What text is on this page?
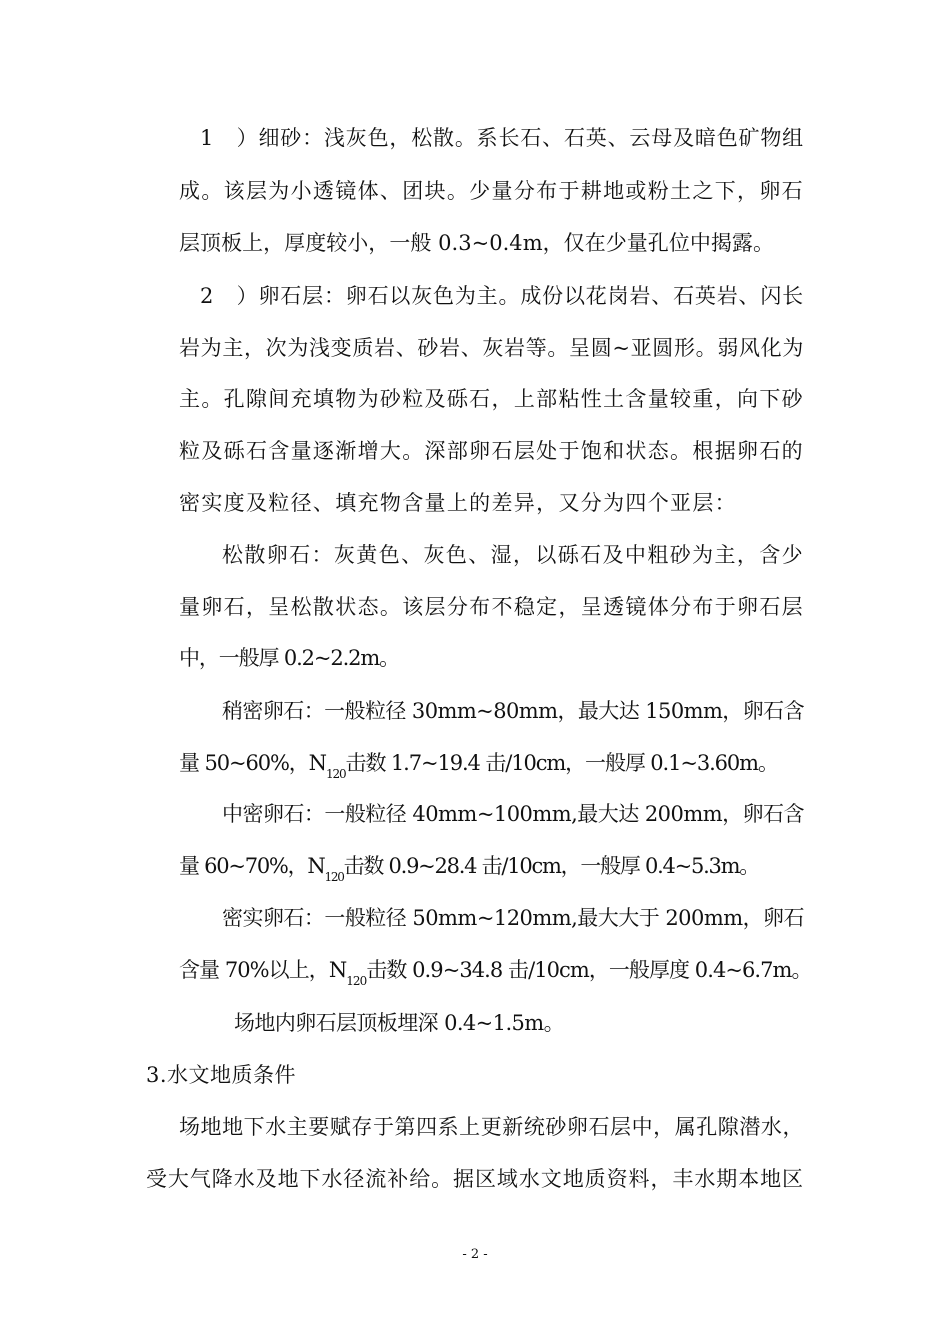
1   ）细砂：浅灰色，松散。系长石、石英、云母及暗色矿物组
成。该层为小透镜体、团块。少量分布于耕地或粉土之下，卵石
层顶板上，厚度较小，一般 0.3~0.4m，仅在少量孔位中揭露。
2   ）卵石层：卵石以灰色为主。成份以花岗岩、石英岩、闪长
岩为主，次为浅变质岩、砂岩、灰岩等。呈圆~亚圆形。弱风化为
主。孔隙间充填物为砂粒及砾石，上部粘性土含量较重，向下砂
粒及砾石含量逐渐增大。深部卵石层处于饱和状态。根据卵石的
密实度及粒径、填充物含量上的差异，又分为四个亚层：
松散卵石：灰黄色、灰色、湿，以砾石及中粗砂为主，含少
量卵石，呈松散状态。该层分布不稳定，呈透镜体分布于卵石层
中，一般厚 0.2~2.2m。
稍密卵石：一般粒径 30mm~80mm，最大达 150mm，卵石含
量 50~60%，$N_{120}$击数 1.7~19.4 击/10cm，一般厚 0.1~3.60m。
中密卵石：一般粒径 40mm~100mm,最大达 200mm，卵石含
量 60~70%，$N_{120}$击数 0.9~28.4 击/10cm，一般厚 0.4~5.3m。
密实卵石：一般粒径 50mm~120mm,最大大于 200mm，卵石
含量 70%以上，$N_{120}$击数 0.9~34.8 击/10cm，一般厚度 0.4~6.7m。
场地内卵石层顶板埋深 0.4~1.5m。
3.水文地质条件
场地地下水主要赋存于第四系上更新统砂卵石层中，属孔隙潜水，
受大气降水及地下水径流补给。据区域水文地质资料，丰水期本地区
- 2 -
